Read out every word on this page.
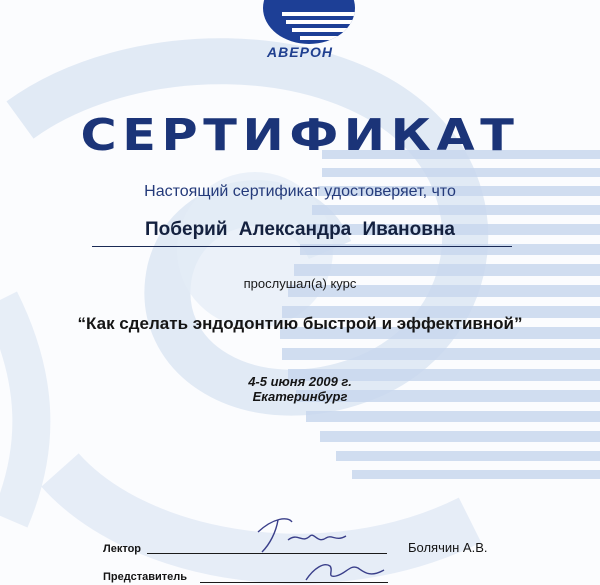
АВЕРОН
СЕРТИФИКАТ
Настоящий сертификат удостоверяет, что
Поберий Александра Ивановна
прослушал(а) курс
“Как сделать эндодонтию быстрой и эффективной”
4-5 июня 2009 г.
Екатеринбург
Лектор	Болячин А.В.
Представитель
